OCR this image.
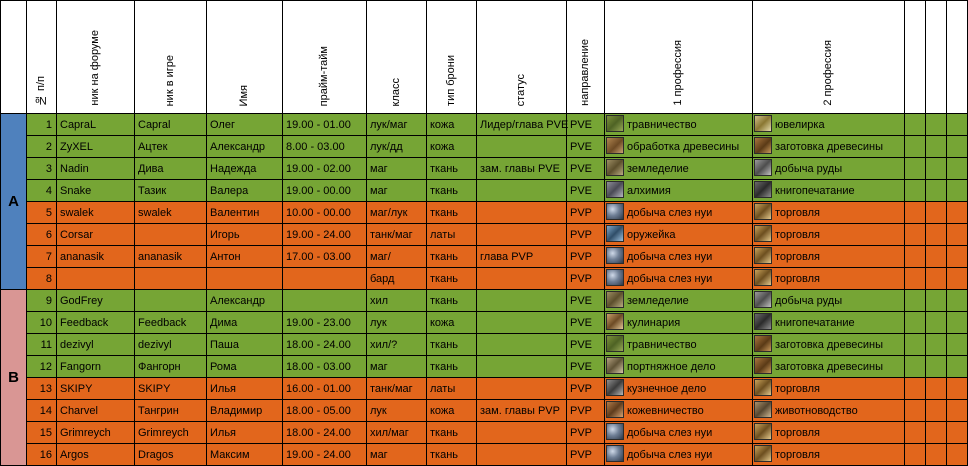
	№ п/п	ник на форуме	ник в игре	Имя	прайм-тайм	класс	тип брони	статус	направление	1 профессия	2 профессия			
A	1	CapraL	Capral	Олег	19.00 - 01.00	лук/маг	кожа	Лидер/глава PVE	PVE	травничество	ювелирка			
	2	ZyXEL	Ацтек	Александр	8.00 - 03.00	лук/дд	кожа		PVE	обработка древесины	заготовка древесины			
	3	Nadin	Дива	Надежда	19.00 - 02.00	маг	ткань	зам. главы PVE	PVE	земледелие	добыча руды			
	4	Snake	Тазик	Валера	19.00 - 00.00	маг	ткань		PVE	алхимия	книгопечатание			
	5	swalek	swalek	Валентин	10.00 - 00.00	маг/лук	ткань		PVP	добыча слез нуи	торговля			
	6	Corsar		Игорь	19.00 - 24.00	танк/маг	латы		PVP	оружейка	торговля			
	7	ananasik	ananasik	Антон	17.00 - 03.00	маг/	ткань	глава PVP	PVP	добыча слез нуи	торговля			
	8					бард	ткань		PVP	добыча слез нуи	торговля			
B	9	GodFrey		Александр		хил	ткань		PVE	земледелие	добыча руды			
	10	Feedback	Feedback	Дима	19.00 - 23.00	лук	кожа		PVE	кулинария	книгопечатание			
	11	dezivyl	dezivyl	Паша	18.00 - 24.00	хил/?	ткань		PVE	травничество	заготовка древесины			
	12	Fangorn	Фангорн	Рома	18.00 - 03.00	маг	ткань		PVE	портняжное дело	заготовка древесины			
	13	SKIPY	SKIPY	Илья	16.00 - 01.00	танк/маг	латы		PVP	кузнечное дело	торговля			
	14	Charvel	Тангрин	Владимир	18.00 - 05.00	лук	кожа	зам. главы PVP	PVP	кожевничество	животноводство			
	15	Grimreych	Grimreych	Илья	18.00 - 24.00	хил/маг	ткань		PVP	добыча слез нуи	торговля			
	16	Argos	Dragos	Максим	19.00 - 24.00	маг	ткань		PVP	добыча слез нуи	торговля			
